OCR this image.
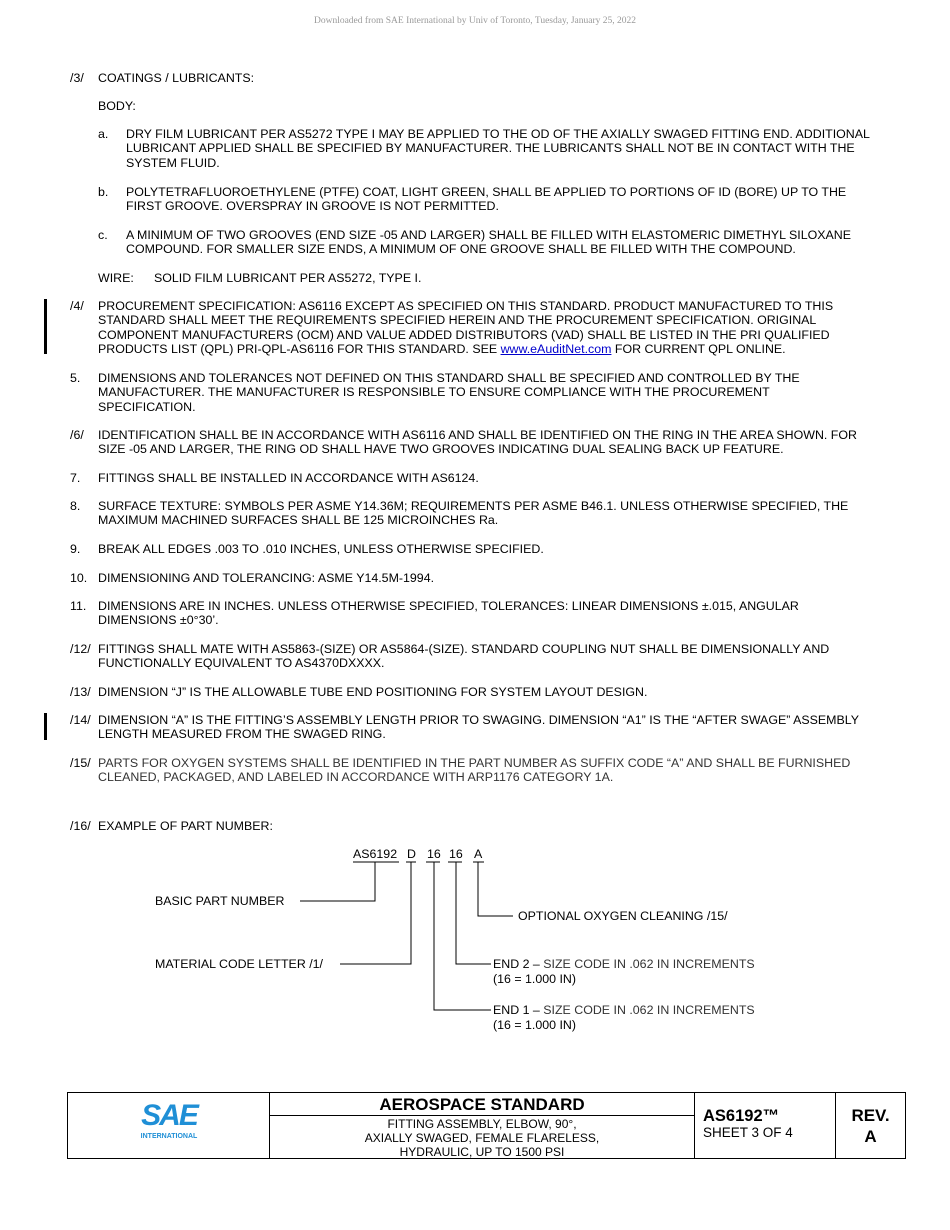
Downloaded from SAE International by Univ of Toronto, Tuesday, January 25, 2022
/3/ COATINGS / LUBRICANTS:

BODY:

a. DRY FILM LUBRICANT PER AS5272 TYPE I MAY BE APPLIED TO THE OD OF THE AXIALLY SWAGED FITTING END. ADDITIONAL LUBRICANT APPLIED SHALL BE SPECIFIED BY MANUFACTURER. THE LUBRICANTS SHALL NOT BE IN CONTACT WITH THE SYSTEM FLUID.
b. POLYTETRAFLUOROETHYLENE (PTFE) COAT, LIGHT GREEN, SHALL BE APPLIED TO PORTIONS OF ID (BORE) UP TO THE FIRST GROOVE. OVERSPRAY IN GROOVE IS NOT PERMITTED.
c. A MINIMUM OF TWO GROOVES (END SIZE -05 AND LARGER) SHALL BE FILLED WITH ELASTOMERIC DIMETHYL SILOXANE COMPOUND. FOR SMALLER SIZE ENDS, A MINIMUM OF ONE GROOVE SHALL BE FILLED WITH THE COMPOUND.
WIRE: SOLID FILM LUBRICANT PER AS5272, TYPE I.
/4/ PROCUREMENT SPECIFICATION: AS6116 EXCEPT AS SPECIFIED ON THIS STANDARD. PRODUCT MANUFACTURED TO THIS STANDARD SHALL MEET THE REQUIREMENTS SPECIFIED HEREIN AND THE PROCUREMENT SPECIFICATION. ORIGINAL COMPONENT MANUFACTURERS (OCM) AND VALUE ADDED DISTRIBUTORS (VAD) SHALL BE LISTED IN THE PRI QUALIFIED PRODUCTS LIST (QPL) PRI-QPL-AS6116 FOR THIS STANDARD. SEE www.eAuditNet.com FOR CURRENT QPL ONLINE.
5. DIMENSIONS AND TOLERANCES NOT DEFINED ON THIS STANDARD SHALL BE SPECIFIED AND CONTROLLED BY THE MANUFACTURER. THE MANUFACTURER IS RESPONSIBLE TO ENSURE COMPLIANCE WITH THE PROCUREMENT SPECIFICATION.
/6/ IDENTIFICATION SHALL BE IN ACCORDANCE WITH AS6116 AND SHALL BE IDENTIFIED ON THE RING IN THE AREA SHOWN. FOR SIZE -05 AND LARGER, THE RING OD SHALL HAVE TWO GROOVES INDICATING DUAL SEALING BACK UP FEATURE.
7. FITTINGS SHALL BE INSTALLED IN ACCORDANCE WITH AS6124.
8. SURFACE TEXTURE: SYMBOLS PER ASME Y14.36M; REQUIREMENTS PER ASME B46.1. UNLESS OTHERWISE SPECIFIED, THE MAXIMUM MACHINED SURFACES SHALL BE 125 MICROINCHES Ra.
9. BREAK ALL EDGES .003 TO .010 INCHES, UNLESS OTHERWISE SPECIFIED.
10. DIMENSIONING AND TOLERANCING: ASME Y14.5M-1994.
11. DIMENSIONS ARE IN INCHES. UNLESS OTHERWISE SPECIFIED, TOLERANCES: LINEAR DIMENSIONS ±.015, ANGULAR DIMENSIONS ±0°30’.
/12/ FITTINGS SHALL MATE WITH AS5863-(SIZE) OR AS5864-(SIZE). STANDARD COUPLING NUT SHALL BE DIMENSIONALLY AND FUNCTIONALLY EQUIVALENT TO AS4370DXXXX.
/13/ DIMENSION “J” IS THE ALLOWABLE TUBE END POSITIONING FOR SYSTEM LAYOUT DESIGN.
/14/ DIMENSION “A” IS THE FITTING’S ASSEMBLY LENGTH PRIOR TO SWAGING. DIMENSION “A1” IS THE “AFTER SWAGE” ASSEMBLY LENGTH MEASURED FROM THE SWAGED RING.
/15/ PARTS FOR OXYGEN SYSTEMS SHALL BE IDENTIFIED IN THE PART NUMBER AS SUFFIX CODE “A” AND SHALL BE FURNISHED CLEANED, PACKAGED, AND LABELED IN ACCORDANCE WITH ARP1176 CATEGORY 1A.
/16/ EXAMPLE OF PART NUMBER:
AS6192 D 16 16 A
BASIC PART NUMBER
OPTIONAL OXYGEN CLEANING /15/
MATERIAL CODE LETTER /1/	END 2 – SIZE CODE IN .062 IN INCREMENTS
(16 = 1.000 IN)
END 1 – SIZE CODE IN .062 IN INCREMENTS
(16 = 1.000 IN)
SAE
INTERNATIONAL
AEROSPACE STANDARD
FITTING ASSEMBLY, ELBOW, 90°,
AXIALLY SWAGED, FEMALE FLARELESS,
HYDRAULIC, UP TO 1500 PSI
AS6192™
SHEET 3 OF 4
REV.
A
